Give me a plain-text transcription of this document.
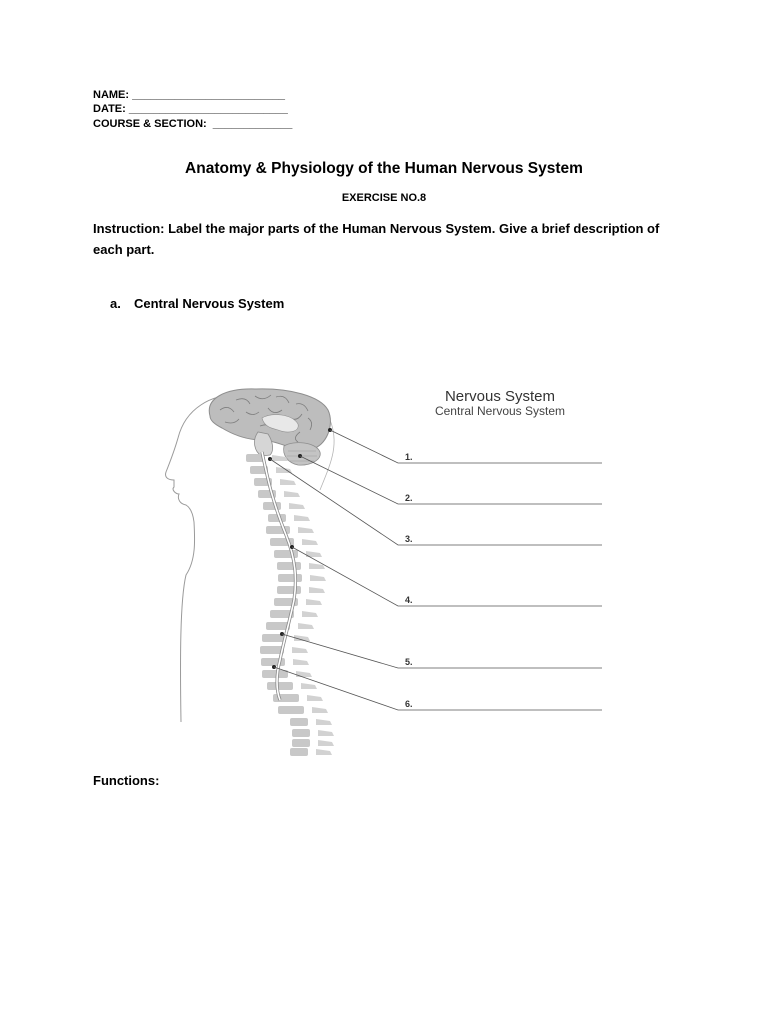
NAME: _________________________
DATE: __________________________
COURSE & SECTION:  _____________
Anatomy & Physiology of the Human Nervous System
EXERCISE NO.8
Instruction: Label the major parts of the Human Nervous System. Give a brief description of each part.
a. Central Nervous System
Nervous System
Central Nervous System
1.
2.
3.
4.
5.
6.
Functions:
